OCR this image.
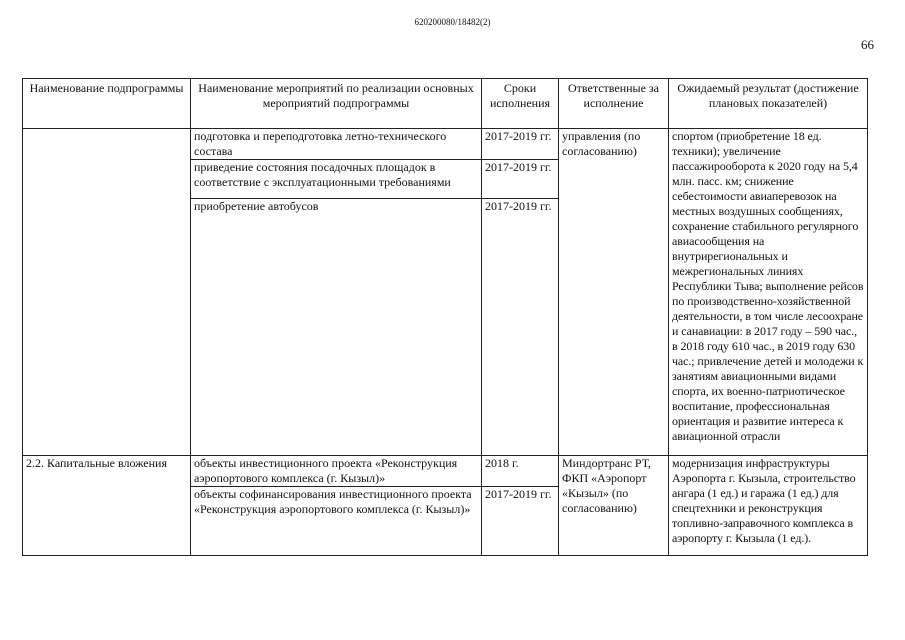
620200080/18482(2)
66
Наименование подпрограммы	Наименование мероприятий по реализации основных мероприятий подпрограммы	Сроки исполнения	Ответственные за исполнение	Ожидаемый результат (достижение плановых показателей)
	подготовка и переподготовка летно-технического состава	2017-2019 гг.	управления (по согласованию)	спортом (приобретение 18 ед. техники); увеличение пассажирооборота к 2020 году на 5,4 млн. пасс. км; снижение себестоимости авиаперевозок на местных воздушных сообщениях, сохранение стабильного регулярного авиасообщения на внутрирегиональных и межрегиональных линиях Республики Тыва; выполнение рейсов по производственно-хозяйственной деятельности, в том числе лесоохране и санавиации: в 2017 году – 590 час., в 2018 году 610 час., в 2019 году 630 час.; привлечение детей и молодежи к занятиям авиационными видами спорта, их военно-патриотическое воспитание, профессиональная ориентация и развитие интереса к авиационной отрасли
	приведение состояния посадочных площадок в соответствие с эксплуатационными требованиями	2017-2019 гг.		
	приобретение автобусов	2017-2019 гг.		
2.2. Капитальные вложения	объекты инвестиционного проекта «Реконструкция аэропортового комплекса (г. Кызыл)»	2018 г.	Миндортранс РТ, ФКП «Аэропорт «Кызыл» (по согласованию)	модернизация инфраструктуры Аэропорта г. Кызыла, строительство ангара (1 ед.) и гаража (1 ед.) для спецтехники и реконструкция топливно-заправочного комплекса в аэропорту г. Кызыла (1 ед.).
	объекты софинансирования инвестиционного проекта «Реконструкция аэропортового комплекса (г. Кызыл)»	2017-2019 гг.		
